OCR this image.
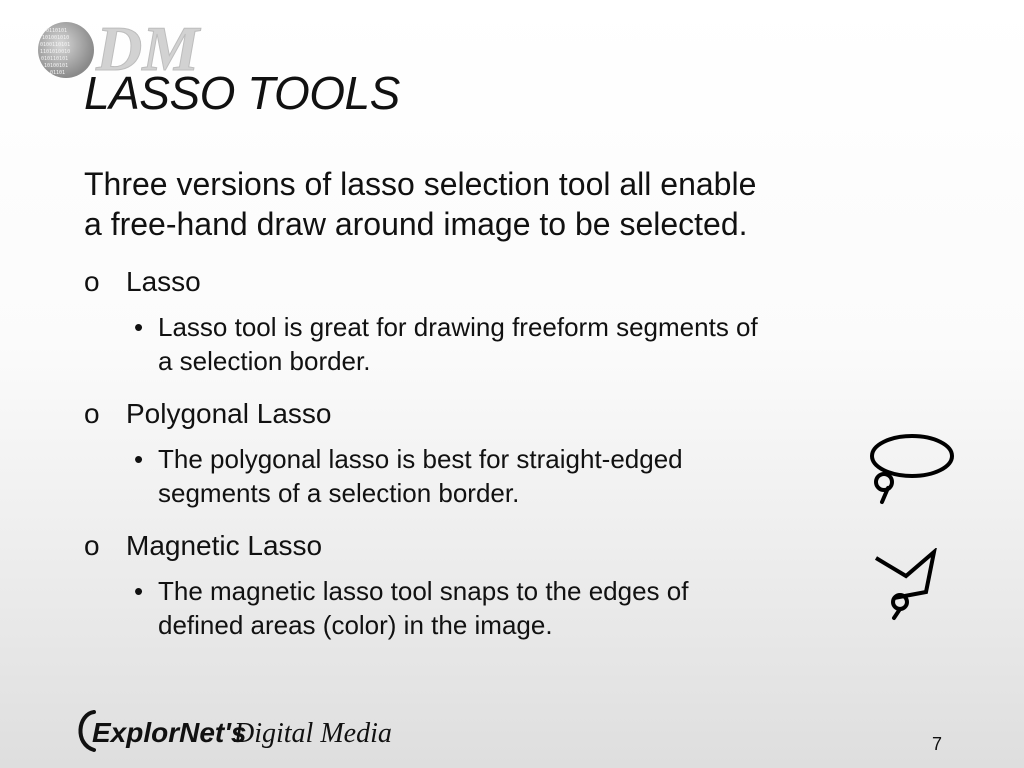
0110101
101001010
0100110101
1101010010
010110101
10100101
01101 DM
LASSO TOOLS
Three versions of lasso selection tool all enable
a free-hand draw around image to be selected.
o Lasso
• Lasso tool is great for drawing freeform segments of
a selection border.
o Polygonal Lasso
• The polygonal lasso is best for straight-edged
segments of a selection border.
o Magnetic Lasso
• The magnetic lasso tool snaps to the edges of
defined areas (color) in the image.
ExplorNet's
Digital Media	7
